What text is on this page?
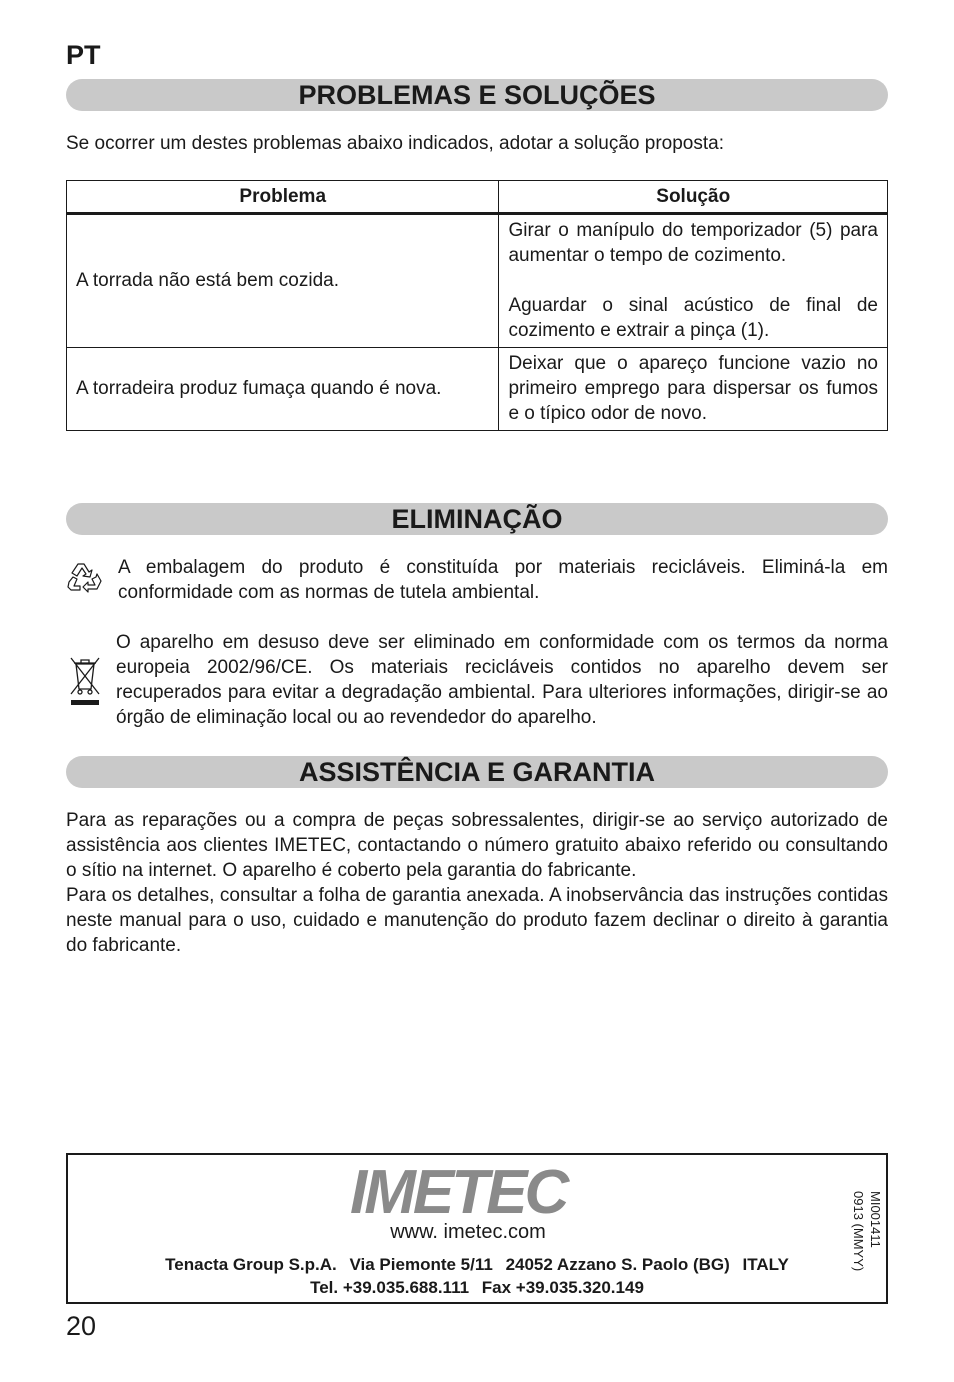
PT
PROBLEMAS E SOLUÇÕES
Se ocorrer um destes problemas abaixo indicados, adotar a solução proposta:
Problema	Solução
A torrada não está bem cozida.	Girar o manípulo do temporizador (5) para aumentar o tempo de cozimento.

Aguardar o sinal acústico de final de cozimento e extrair a pinça (1).

A torradeira produz fumaça quando é nova.	Deixar que o apareço funcione vazio no primeiro emprego para dispersar os fumos e o típico odor de novo.

ELIMINAÇÃO
A embalagem do produto é constituída por materiais recicláveis. Eliminá-la em conformidade com as normas de tutela ambiental.
O aparelho em desuso deve ser eliminado em conformidade com os termos da norma europeia 2002/96/CE. Os materiais recicláveis contidos no aparelho devem ser recuperados para evitar a degradação ambiental. Para ulteriores informações, dirigir-se ao órgão de eliminação local ou ao revendedor do aparelho.
ASSISTÊNCIA E GARANTIA
Para as reparações ou a compra de peças sobressalentes, dirigir-se ao serviço autorizado de assistência aos clientes IMETEC, contactando o número gratuito abaixo referido ou consultando o sítio na internet. O aparelho é coberto pela garantia do fabricante.
Para os detalhes, consultar a folha de garantia anexada. A inobservância das instruções contidas neste manual para o uso, cuidado e manutenção do produto fazem declinar o direito à garantia do fabricante.
IMETEC
www. imetec.com
Tenacta Group S.p.A. Via Piemonte 5/11 24052 Azzano S. Paolo (BG) ITALY
Tel. +39.035.688.111 Fax +39.035.320.149
MI001411
0913 (MMYY)
20
